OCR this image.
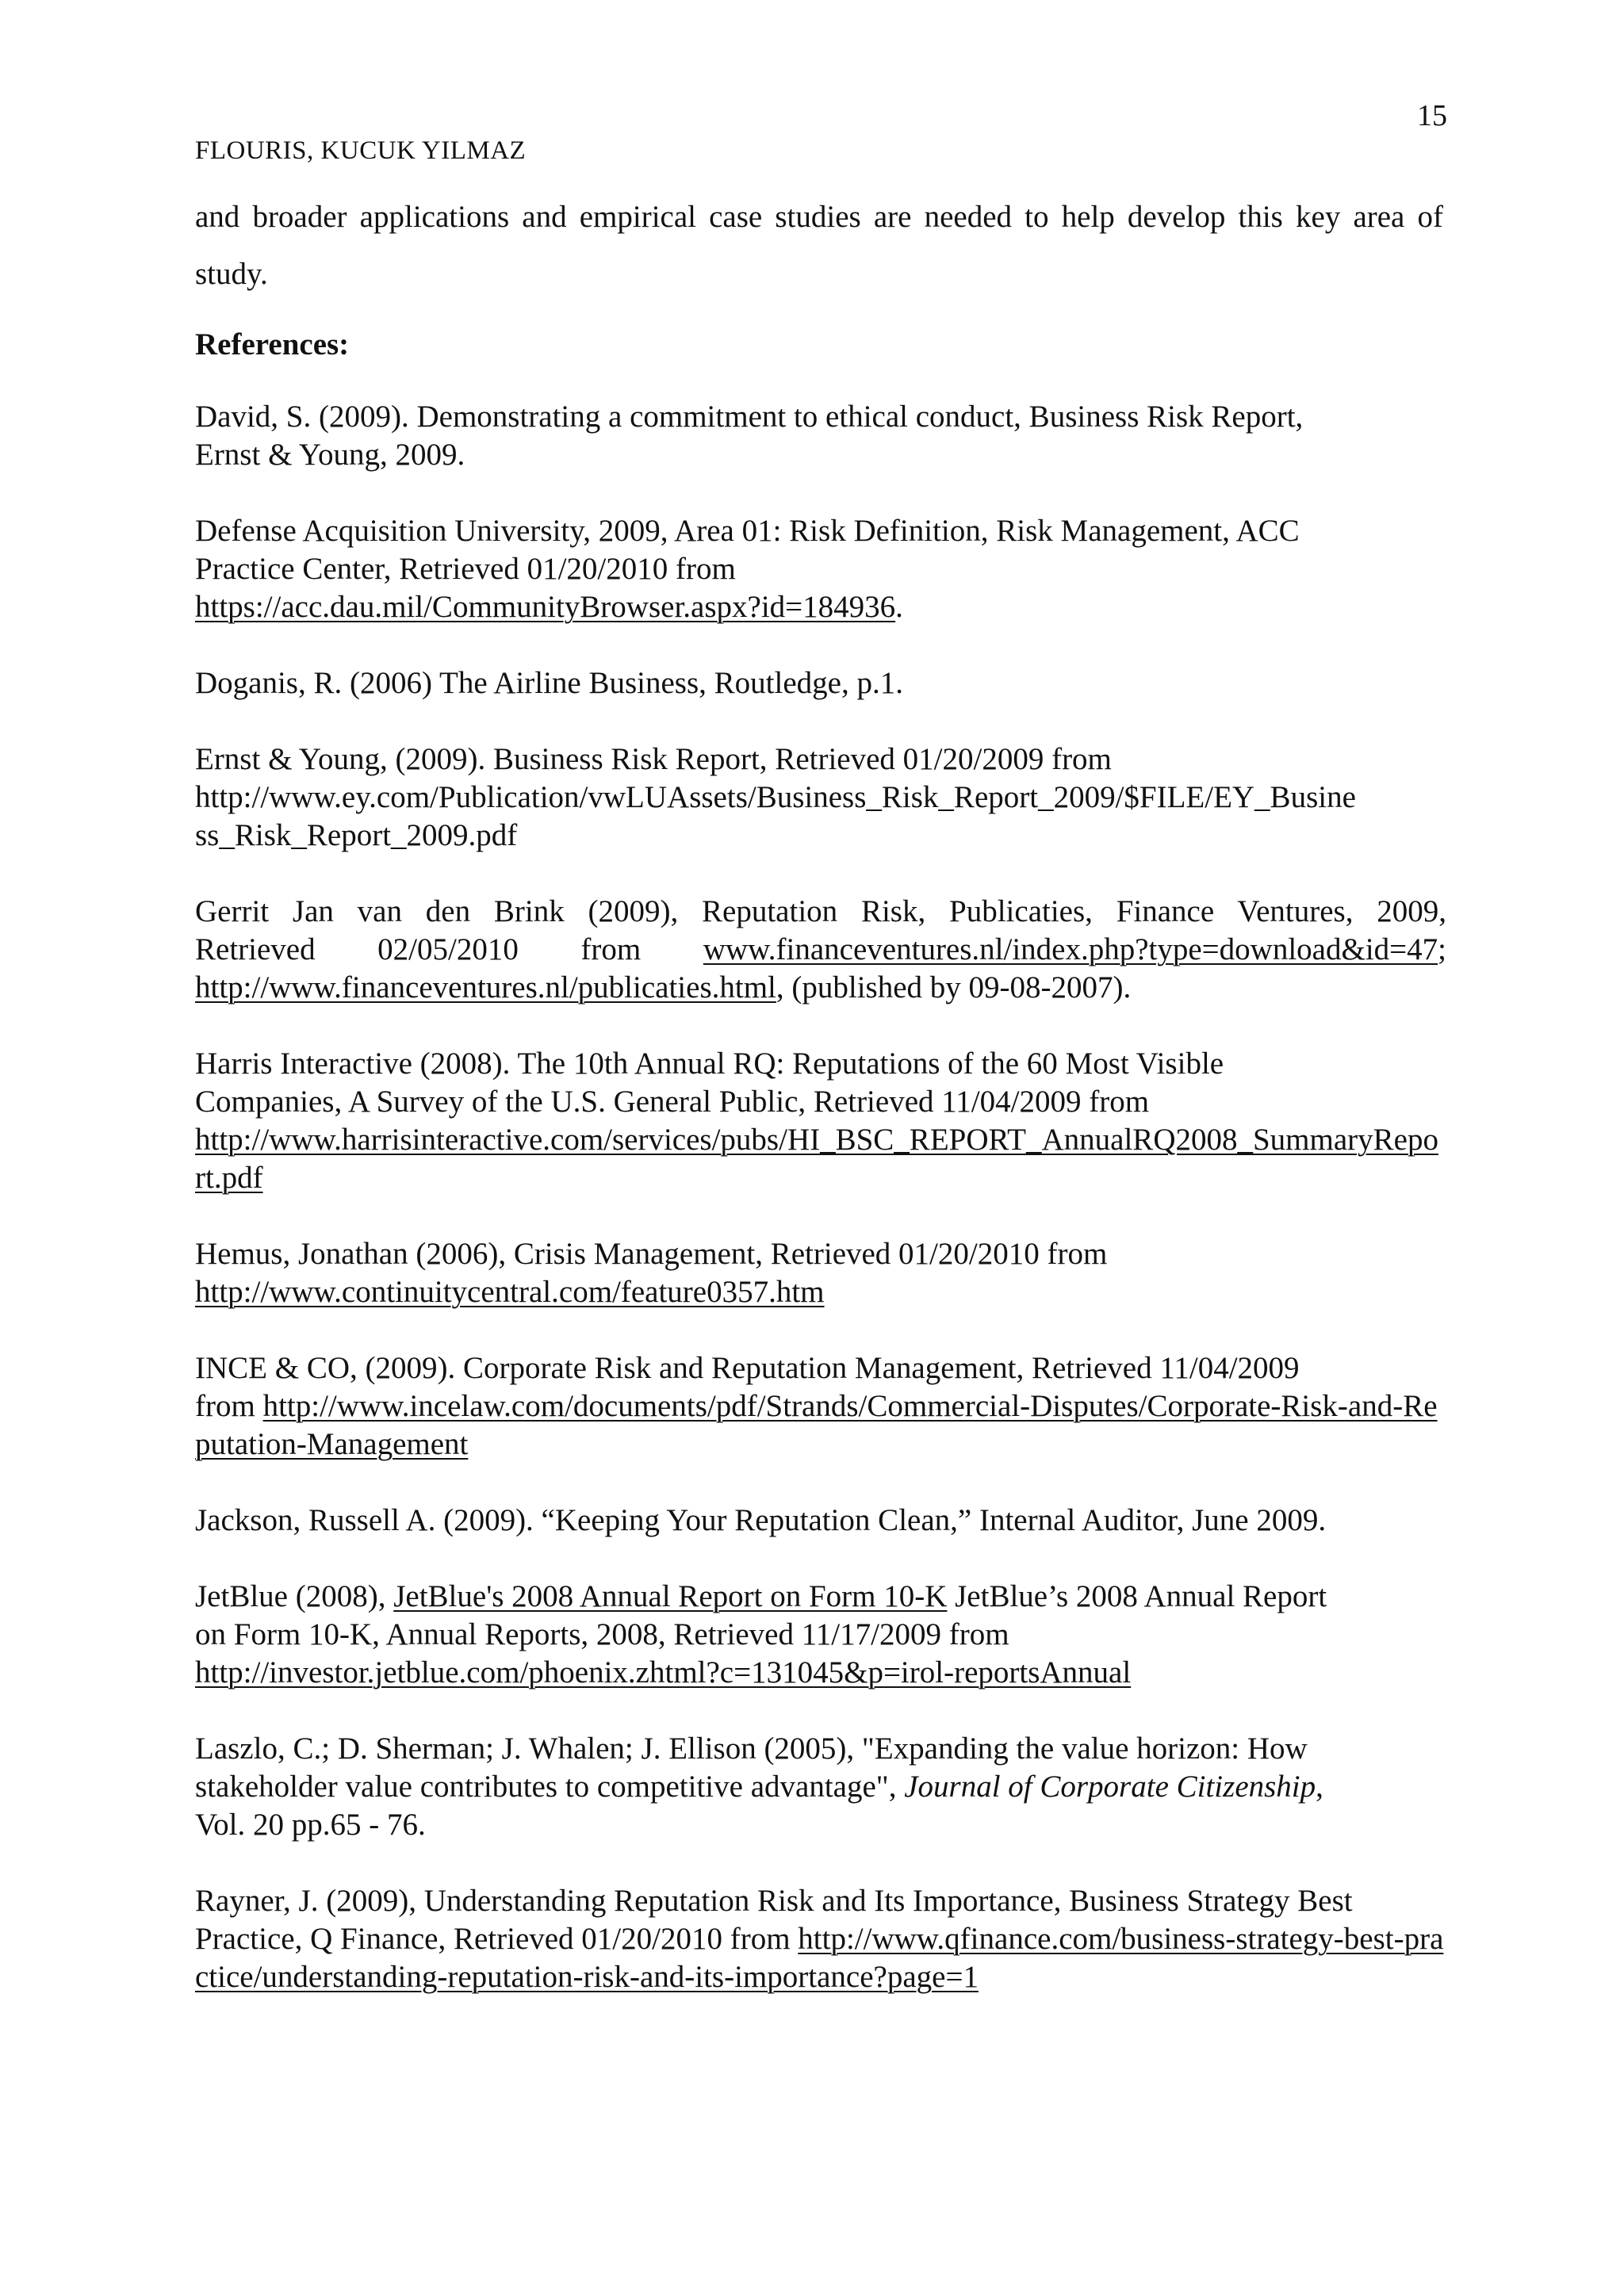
15
FLOURIS, KUCUK YILMAZ

and broader applications and empirical case studies are needed to help develop this key area of study.

References:

David, S. (2009). Demonstrating a commitment to ethical conduct, Business Risk Report,
Ernst & Young, 2009.

Defense Acquisition University, 2009, Area 01: Risk Definition, Risk Management, ACC
Practice Center, Retrieved 01/20/2010 from
https://acc.dau.mil/CommunityBrowser.aspx?id=184936.

Doganis, R. (2006) The Airline Business, Routledge, p.1.

Ernst & Young, (2009). Business Risk Report, Retrieved 01/20/2009 from
http://www.ey.com/Publication/vwLUAssets/Business_Risk_Report_2009/$FILE/EY_Busine
ss_Risk_Report_2009.pdf

Gerrit Jan van den Brink (2009), Reputation Risk, Publicaties, Finance Ventures, 2009,
Retrieved 02/05/2010 from www.financeventures.nl/index.php?type=download&id=47;
http://www.financeventures.nl/publicaties.html, (published by 09-08-2007).

Harris Interactive (2008). The 10th Annual RQ: Reputations of the 60 Most Visible
Companies, A Survey of the U.S. General Public, Retrieved 11/04/2009 from
http://www.harrisinteractive.com/services/pubs/HI_BSC_REPORT_AnnualRQ2008_SummaryReport.pdf

Hemus, Jonathan (2006), Crisis Management, Retrieved 01/20/2010 from
http://www.continuitycentral.com/feature0357.htm

INCE & CO, (2009). Corporate Risk and Reputation Management, Retrieved 11/04/2009
from http://www.incelaw.com/documents/pdf/Strands/Commercial-Disputes/Corporate-Risk-and-Reputation-Management

Jackson, Russell A. (2009). “Keeping Your Reputation Clean,” Internal Auditor, June 2009.

JetBlue (2008), JetBlue's 2008 Annual Report on Form 10-K JetBlue’s 2008 Annual Report
on Form 10-K, Annual Reports, 2008, Retrieved 11/17/2009 from
http://investor.jetblue.com/phoenix.zhtml?c=131045&p=irol-reportsAnnual

Laszlo, C.; D. Sherman; J. Whalen; J. Ellison (2005), "Expanding the value horizon: How
stakeholder value contributes to competitive advantage", Journal of Corporate Citizenship,
Vol. 20 pp.65 - 76.

Rayner, J. (2009), Understanding Reputation Risk and Its Importance, Business Strategy Best
Practice, Q Finance, Retrieved 01/20/2010 from http://www.qfinance.com/business-strategy-best-practice/understanding-reputation-risk-and-its-importance?page=1
